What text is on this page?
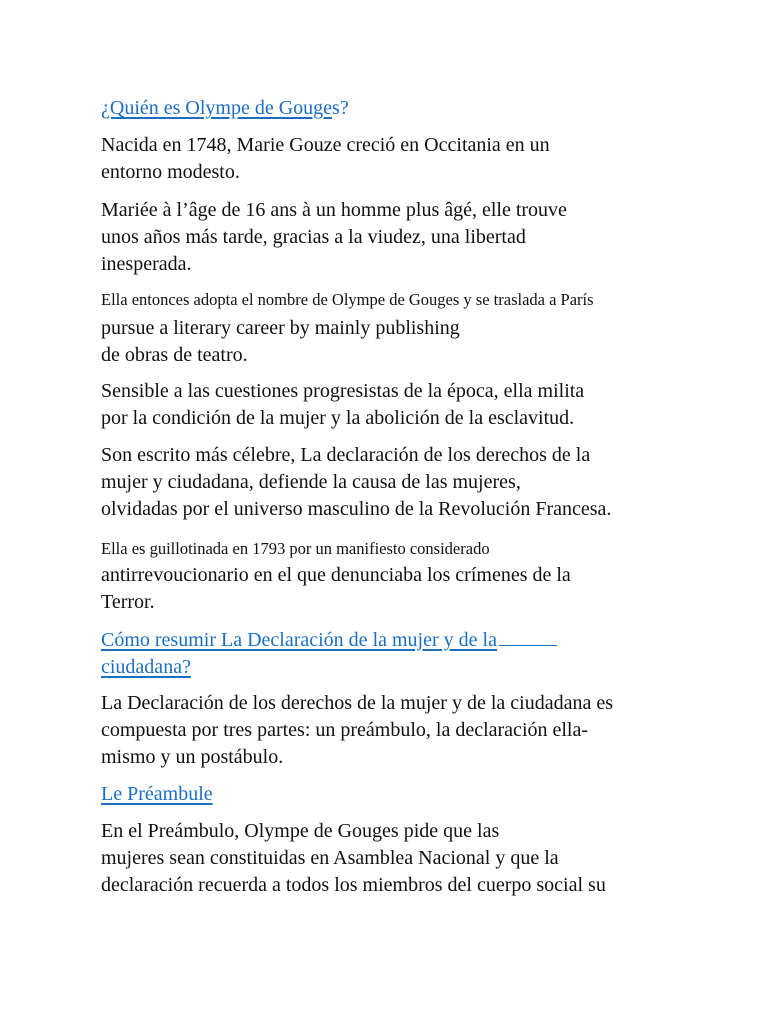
¿Quién es Olympe de Gouges?

Nacida en 1748, Marie Gouze creció en Occitania en un

entorno modesto.

Mariée à l’âge de 16 ans à un homme plus âgé, elle trouve

unos años más tarde, gracias a la viudez, una libertad

inesperada.

Ella entonces adopta el nombre de Olympe de Gouges y se traslada a París

pursue a literary career by mainly publishing

de obras de teatro.

Sensible a las cuestiones progresistas de la época, ella milita

por la condición de la mujer y la abolición de la esclavitud.

Son escrito más célebre, La declaración de los derechos de la

mujer y ciudadana, defiende la causa de las mujeres,

olvidadas por el universo masculino de la Revolución Francesa.

Ella es guillotinada en 1793 por un manifiesto considerado

antirrevoucionario en el que denunciaba los crímenes de la

Terror.

Cómo resumir La Declaración de la mujer y de la

ciudadana?

La Declaración de los derechos de la mujer y de la ciudadana es

compuesta por tres partes: un preámbulo, la declaración ella-

mismo y un postábulo.

Le Préambule

En el Preámbulo, Olympe de Gouges pide que las

mujeres sean constituidas en Asamblea Nacional y que la

declaración recuerda a todos los miembros del cuerpo social su
